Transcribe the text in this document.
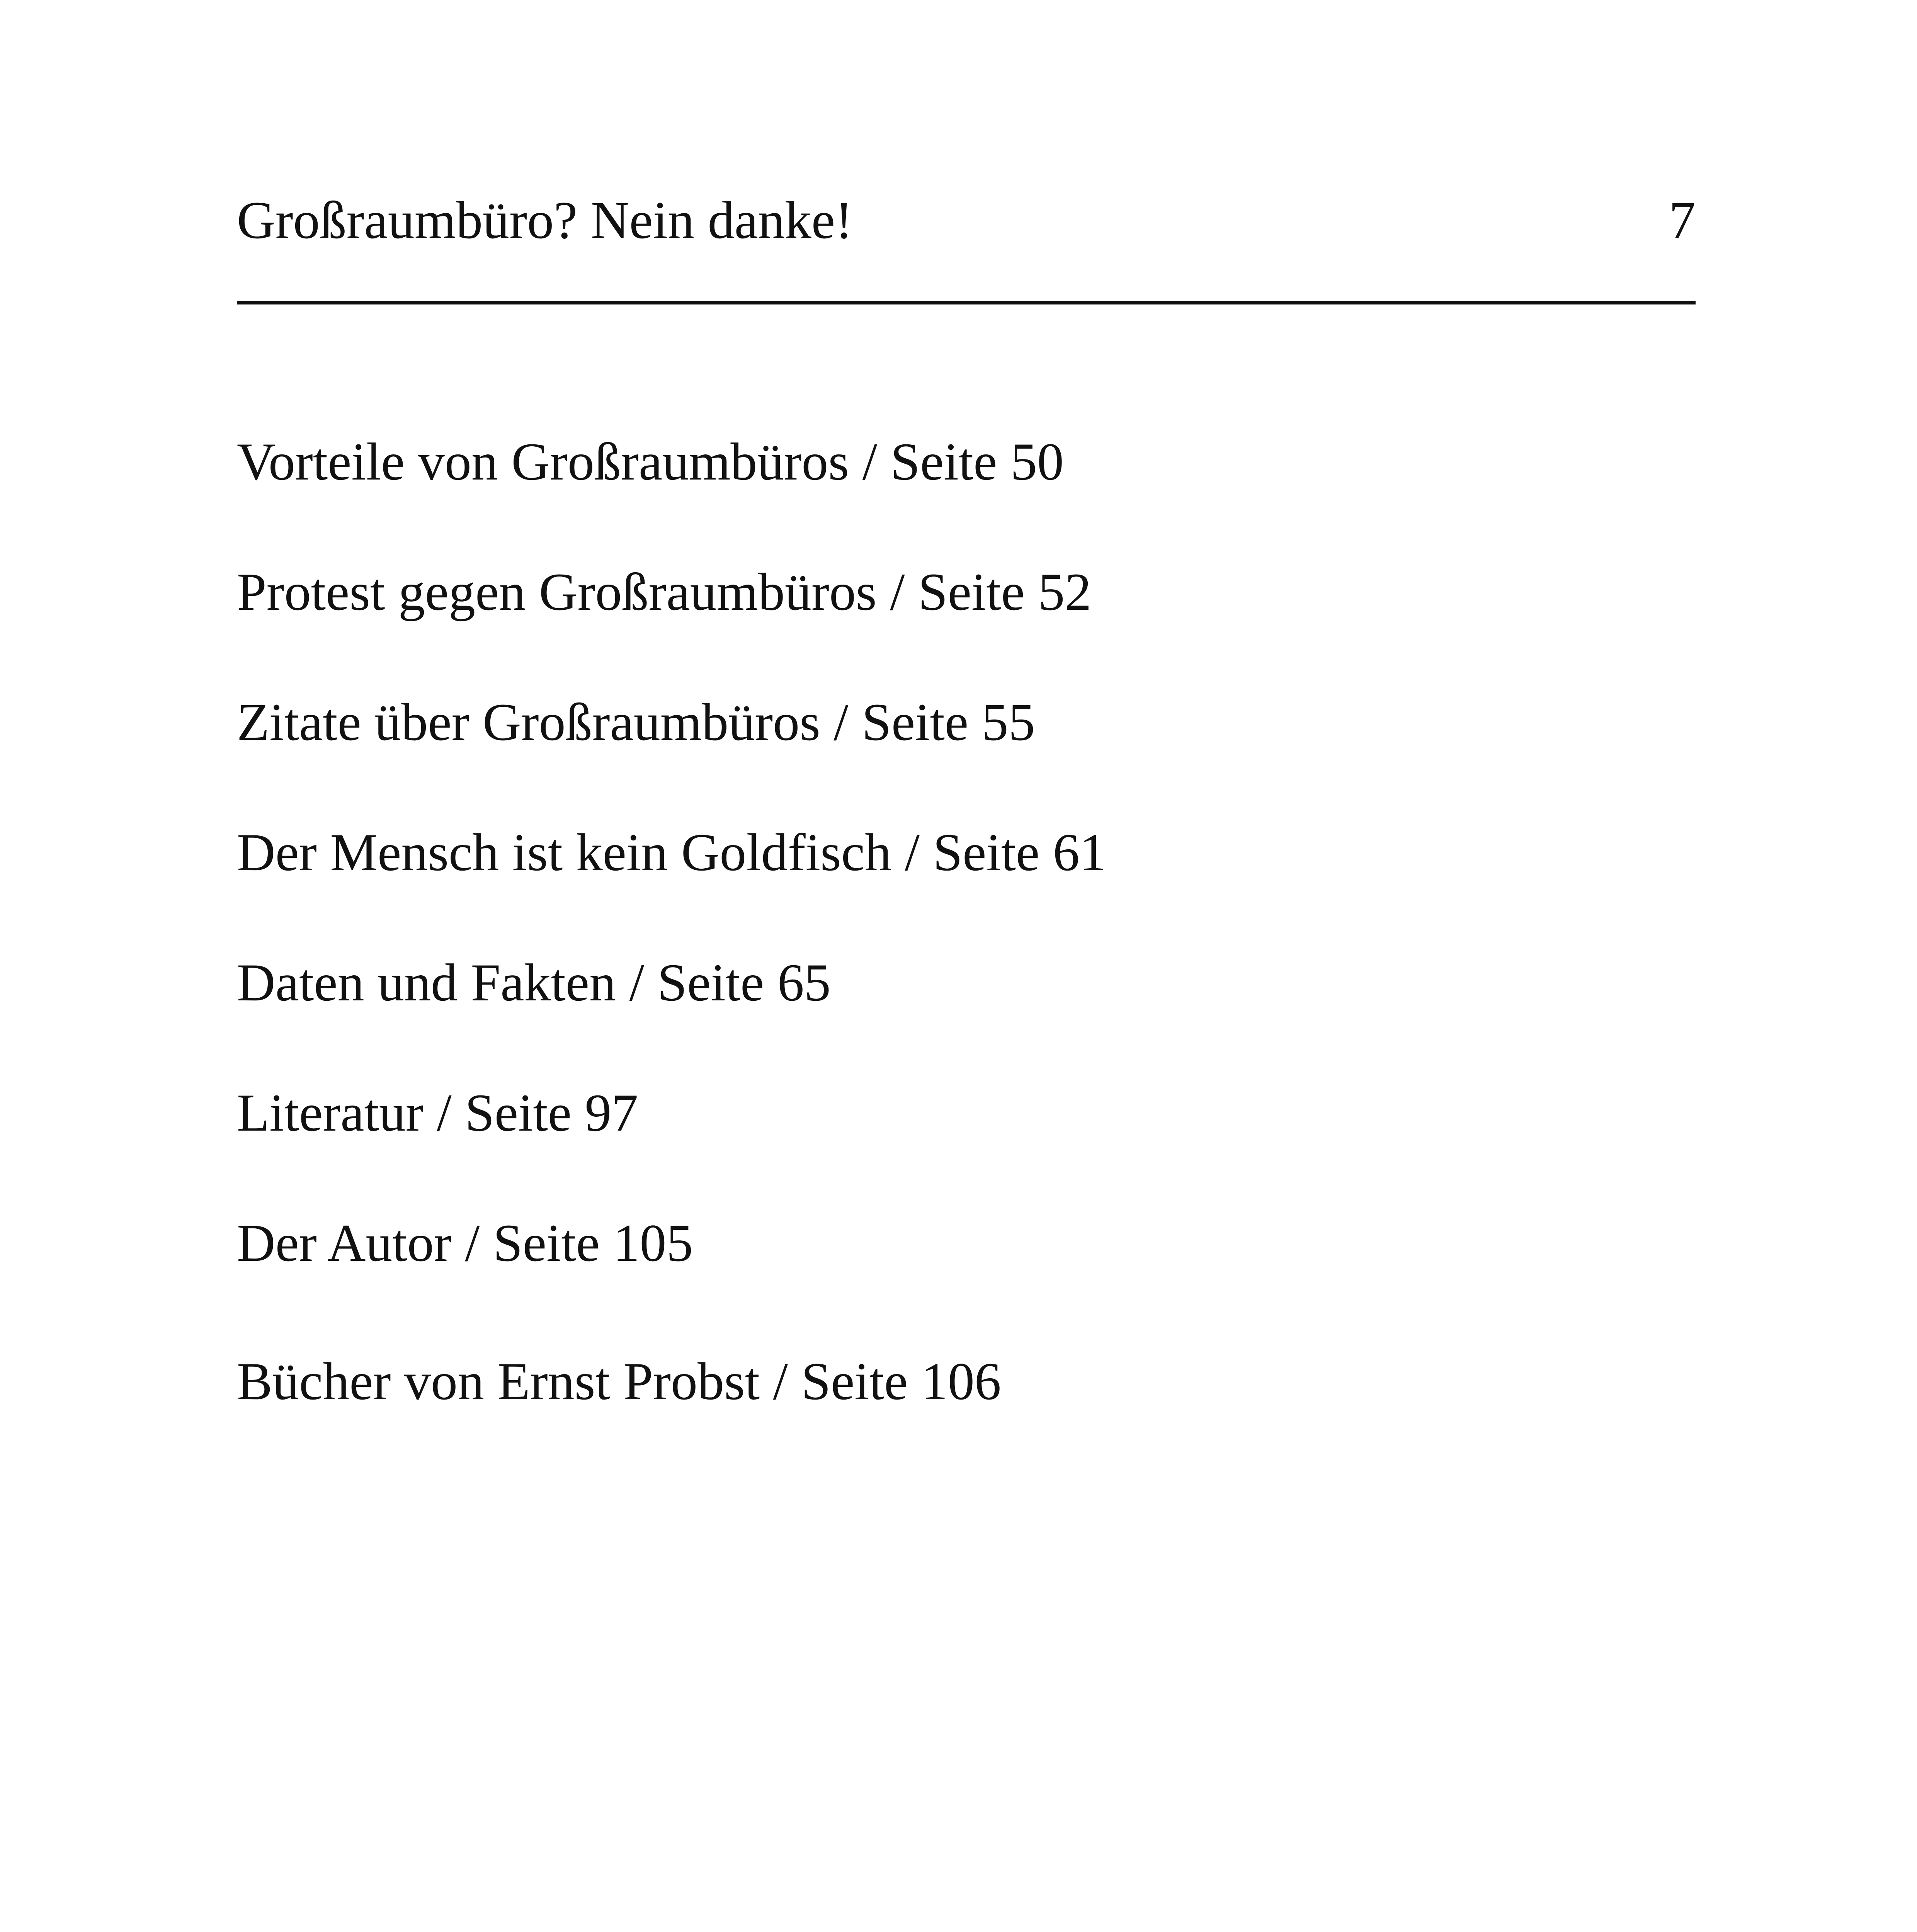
Großraumbüro? Nein danke!	7
Vorteile von Großraumbüros / Seite 50
Protest gegen Großraumbüros / Seite 52
Zitate über Großraumbüros / Seite 55
Der Mensch ist kein Goldfisch / Seite 61
Daten und Fakten / Seite 65
Literatur / Seite 97
Der Autor / Seite 105
Bücher von Ernst Probst / Seite 106
